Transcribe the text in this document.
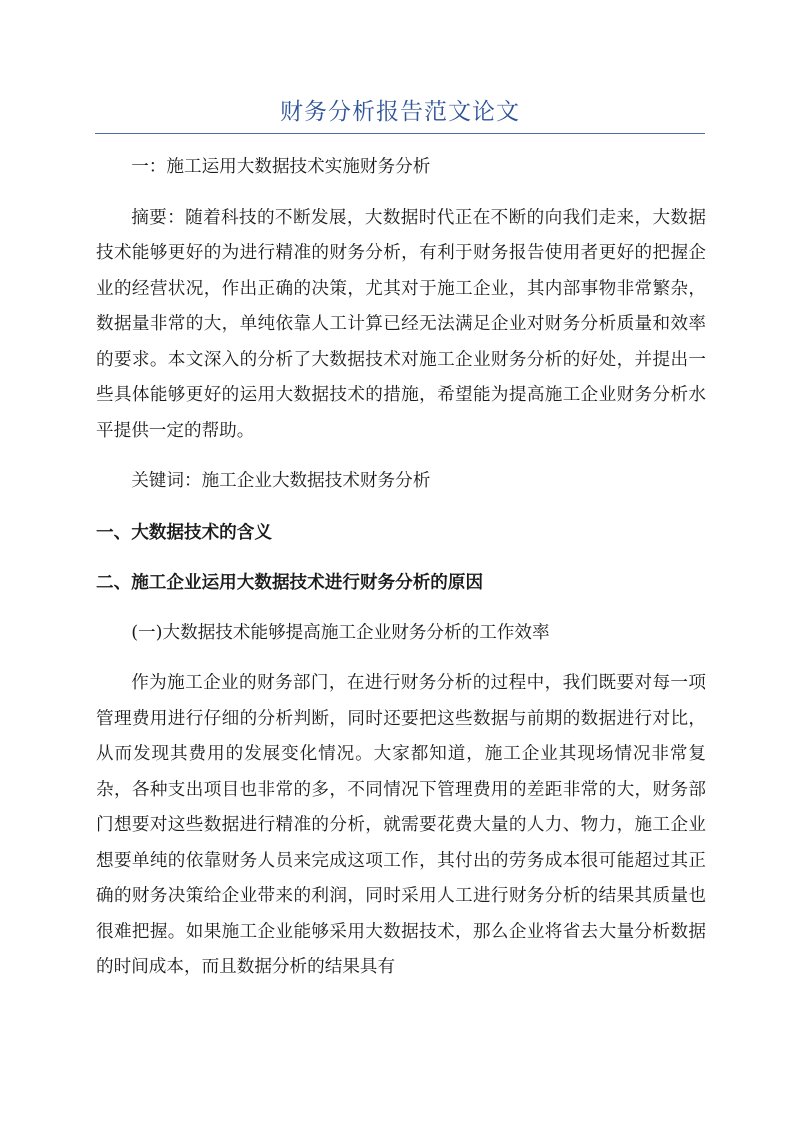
财务分析报告范文论文

一：施工运用大数据技术实施财务分析

摘要：随着科技的不断发展，大数据时代正在不断的向我们走来，大数据技术能够更好的为进行精准的财务分析，有利于财务报告使用者更好的把握企业的经营状况，作出正确的决策，尤其对于施工企业，其内部事物非常繁杂，数据量非常的大，单纯依靠人工计算已经无法满足企业对财务分析质量和效率的要求。本文深入的分析了大数据技术对施工企业财务分析的好处，并提出一些具体能够更好的运用大数据技术的措施，希望能为提高施工企业财务分析水平提供一定的帮助。

关键词：施工企业大数据技术财务分析

一、大数据技术的含义

二、施工企业运用大数据技术进行财务分析的原因

(一)大数据技术能够提高施工企业财务分析的工作效率

作为施工企业的财务部门，在进行财务分析的过程中，我们既要对每一项管理费用进行仔细的分析判断，同时还要把这些数据与前期的数据进行对比，从而发现其费用的发展变化情况。大家都知道，施工企业其现场情况非常复杂，各种支出项目也非常的多，不同情况下管理费用的差距非常的大，财务部门想要对这些数据进行精准的分析，就需要花费大量的人力、物力，施工企业想要单纯的依靠财务人员来完成这项工作，其付出的劳务成本很可能超过其正确的财务决策给企业带来的利润，同时采用人工进行财务分析的结果其质量也很难把握。如果施工企业能够采用大数据技术，那么企业将省去大量分析数据的时间成本，而且数据分析的结果具有
